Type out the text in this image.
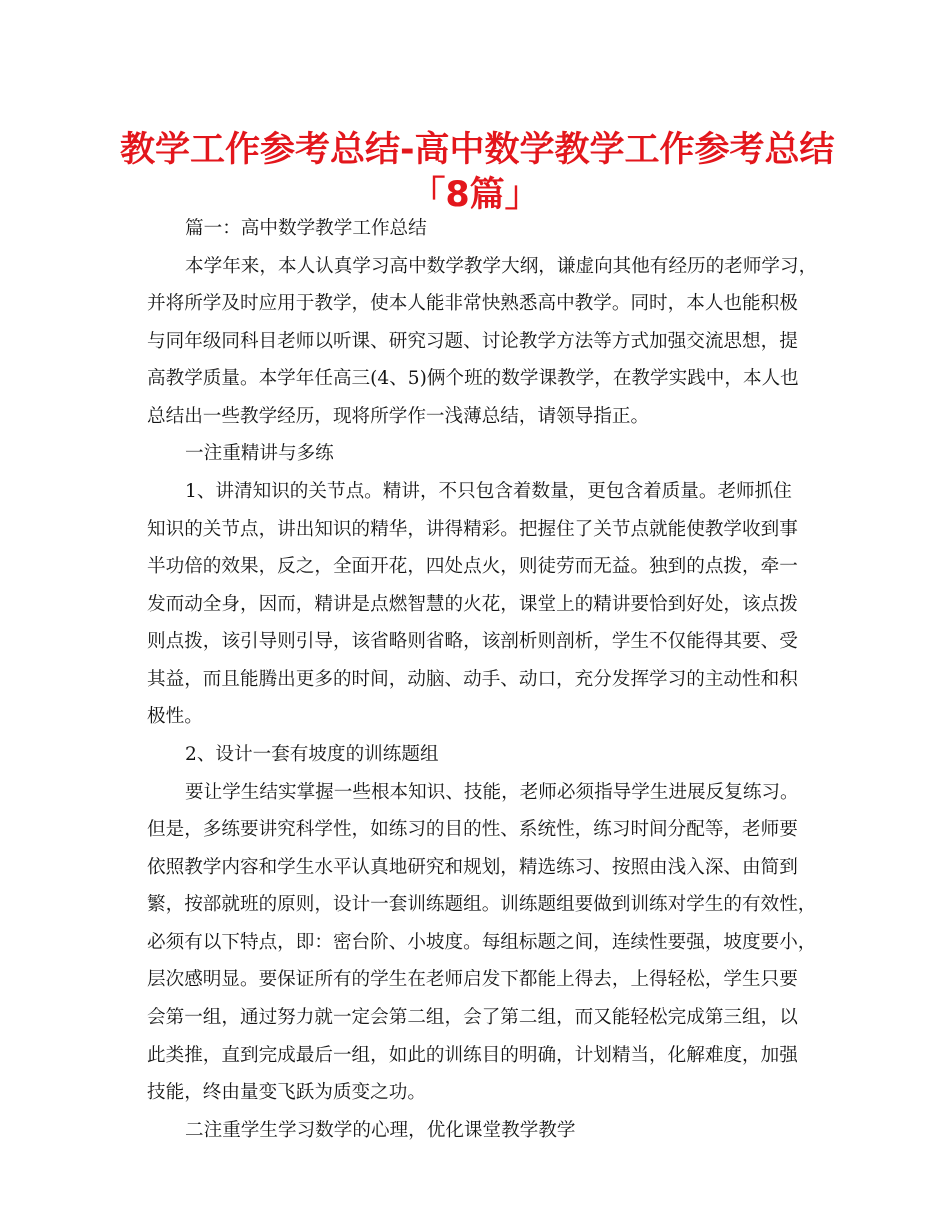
教学工作参考总结-高中数学教学工作参考总结
「8篇」
篇一：高中数学教学工作总结
本学年来，本人认真学习高中数学教学大纲，谦虚向其他有经历的老师学习，
并将所学及时应用于教学，使本人能非常快熟悉高中教学。同时，本人也能积极
与同年级同科目老师以听课、研究习题、讨论教学方法等方式加强交流思想，提
高教学质量。本学年任高三(4、5)俩个班的数学课教学，在教学实践中，本人也
总结出一些教学经历，现将所学作一浅薄总结，请领导指正。
一注重精讲与多练
1、讲清知识的关节点。精讲，不只包含着数量，更包含着质量。老师抓住
知识的关节点，讲出知识的精华，讲得精彩。把握住了关节点就能使教学收到事
半功倍的效果，反之，全面开花，四处点火，则徒劳而无益。独到的点拨，牵一
发而动全身，因而，精讲是点燃智慧的火花，课堂上的精讲要恰到好处，该点拨
则点拨，该引导则引导，该省略则省略，该剖析则剖析，学生不仅能得其要、受
其益，而且能腾出更多的时间，动脑、动手、动口，充分发挥学习的主动性和积
极性。
2、设计一套有坡度的训练题组
要让学生结实掌握一些根本知识、技能，老师必须指导学生进展反复练习。
但是，多练要讲究科学性，如练习的目的性、系统性，练习时间分配等，老师要
依照教学内容和学生水平认真地研究和规划，精选练习、按照由浅入深、由简到
繁，按部就班的原则，设计一套训练题组。训练题组要做到训练对学生的有效性，
必须有以下特点，即：密台阶、小坡度。每组标题之间，连续性要强，坡度要小，
层次感明显。要保证所有的学生在老师启发下都能上得去，上得轻松，学生只要
会第一组，通过努力就一定会第二组，会了第二组，而又能轻松完成第三组，以
此类推，直到完成最后一组，如此的训练目的明确，计划精当，化解难度，加强
技能，终由量变飞跃为质变之功。
二注重学生学习数学的心理，优化课堂教学教学
